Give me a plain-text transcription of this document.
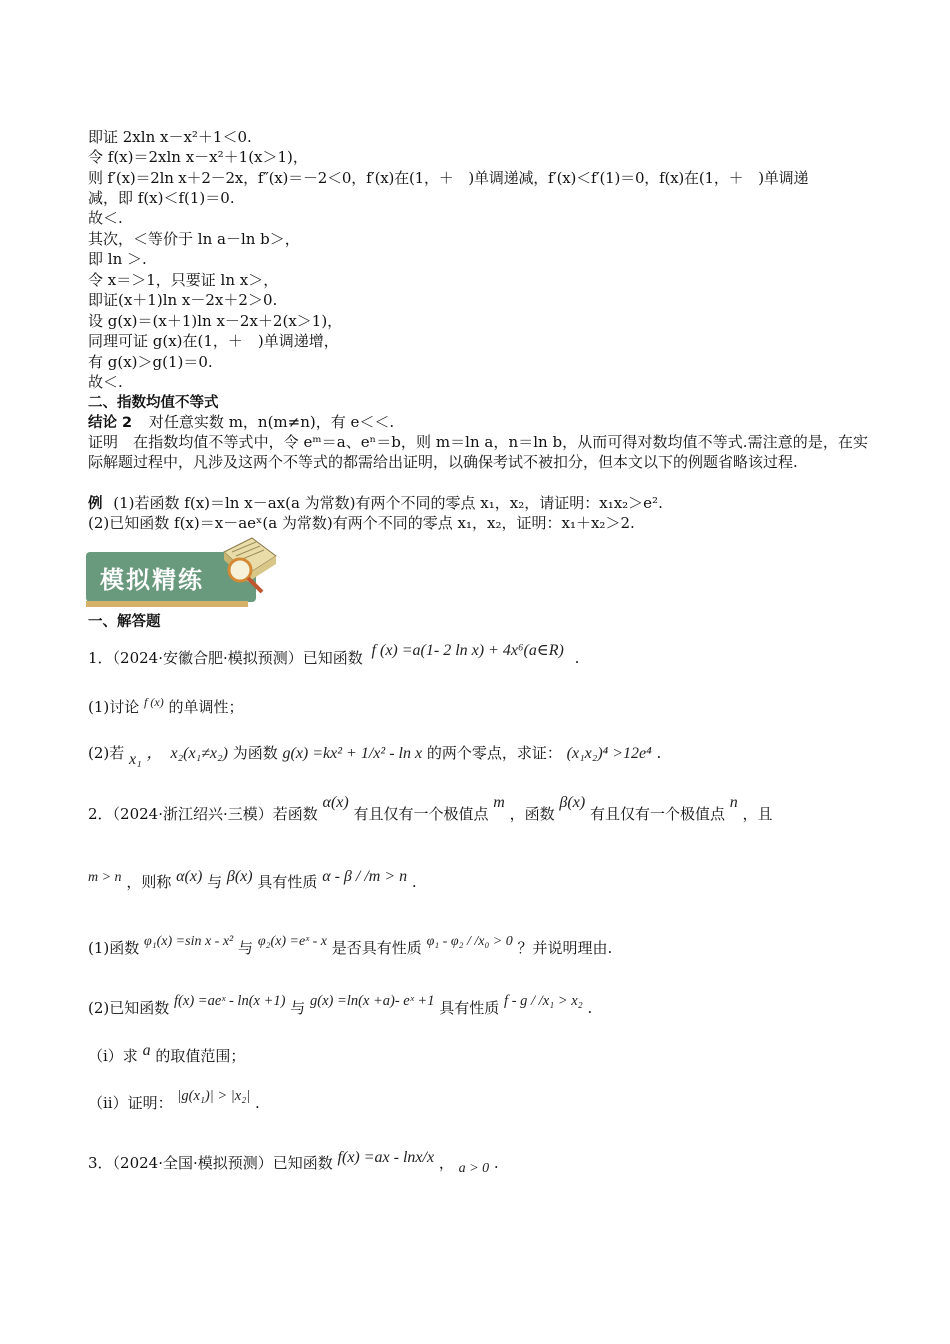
即证 2xln x－x²＋1＜0.
令 f(x)＝2xln x－x²＋1(x＞1)，
则 f′(x)＝2ln x＋2－2x，f″(x)＝－2＜0，f′(x)在(1，＋　)单调递减，f′(x)＜f′(1)＝0，f(x)在(1，＋　)单调递
减，即 f(x)＜f(1)＝0.
故＜.
其次，＜等价于 ln a－ln b＞，
即 ln ＞.
令 x＝＞1，只要证 ln x＞，
即证(x＋1)ln x－2x＋2＞0.
设 g(x)＝(x＋1)ln x－2x＋2(x＞1)，
同理可证 g(x)在(1，＋　)单调递增，
有 g(x)＞g(1)＝0.
故＜.
二、指数均值不等式
结论 2 对任意实数 m，n(m≠n)，有 e＜＜.
证明　在指数均值不等式中，令 eᵐ＝a、eⁿ＝b，则 m＝ln a，n＝ln b，从而可得对数均值不等式.需注意的是，在实际解题过程中，凡涉及这两个不等式的都需给出证明，以确保考试不被扣分，但本文以下的例题省略该过程.
例 (1)若函数 f(x)＝ln x－ax(a 为常数)有两个不同的零点 x₁，x₂，请证明：x₁x₂＞e².
(2)已知函数 f(x)＝x－aeˣ(a 为常数)有两个不同的零点 x₁，x₂，证明：x₁＋x₂＞2.
模拟精练
一、解答题
1．（2024·安徽合肥·模拟预测）已知函数 f (x) =a(1- 2 ln x) + 4x⁶(a∈R) .
(1)讨论 $^{f (x)}$ 的单调性；
(2)若 x₁ ，　x₂(x₁≠x₂) 为函数 g(x) =kx² + 1/x² - ln x 的两个零点，求证： (x₁x₂)⁴ >12e⁴ .
2．（2024·浙江绍兴·三模）若函数 α(x) 有且仅有一个极值点 m ，函数 β(x) 有且仅有一个极值点 n ，且
m > n ，则称 α(x) 与 β(x) 具有性质 α - β / /m > n .
(1)函数 φ₁(x) =sin x - x² 与 φ₂(x) =eˣ - x 是否具有性质 φ₁ - φ₂ / /x₀ > 0 ？并说明理由.
(2)已知函数 f(x) =aeˣ - ln(x +1) 与 g(x) =ln(x +a)- eˣ +1 具有性质 f - g / /x₁ > x₂ .
（i）求 a 的取值范围；
（ii）证明： |g(x₁)| > |x₂| .
3．（2024·全国·模拟预测）已知函数 f(x) =ax - lnx/x ， a > 0 .
